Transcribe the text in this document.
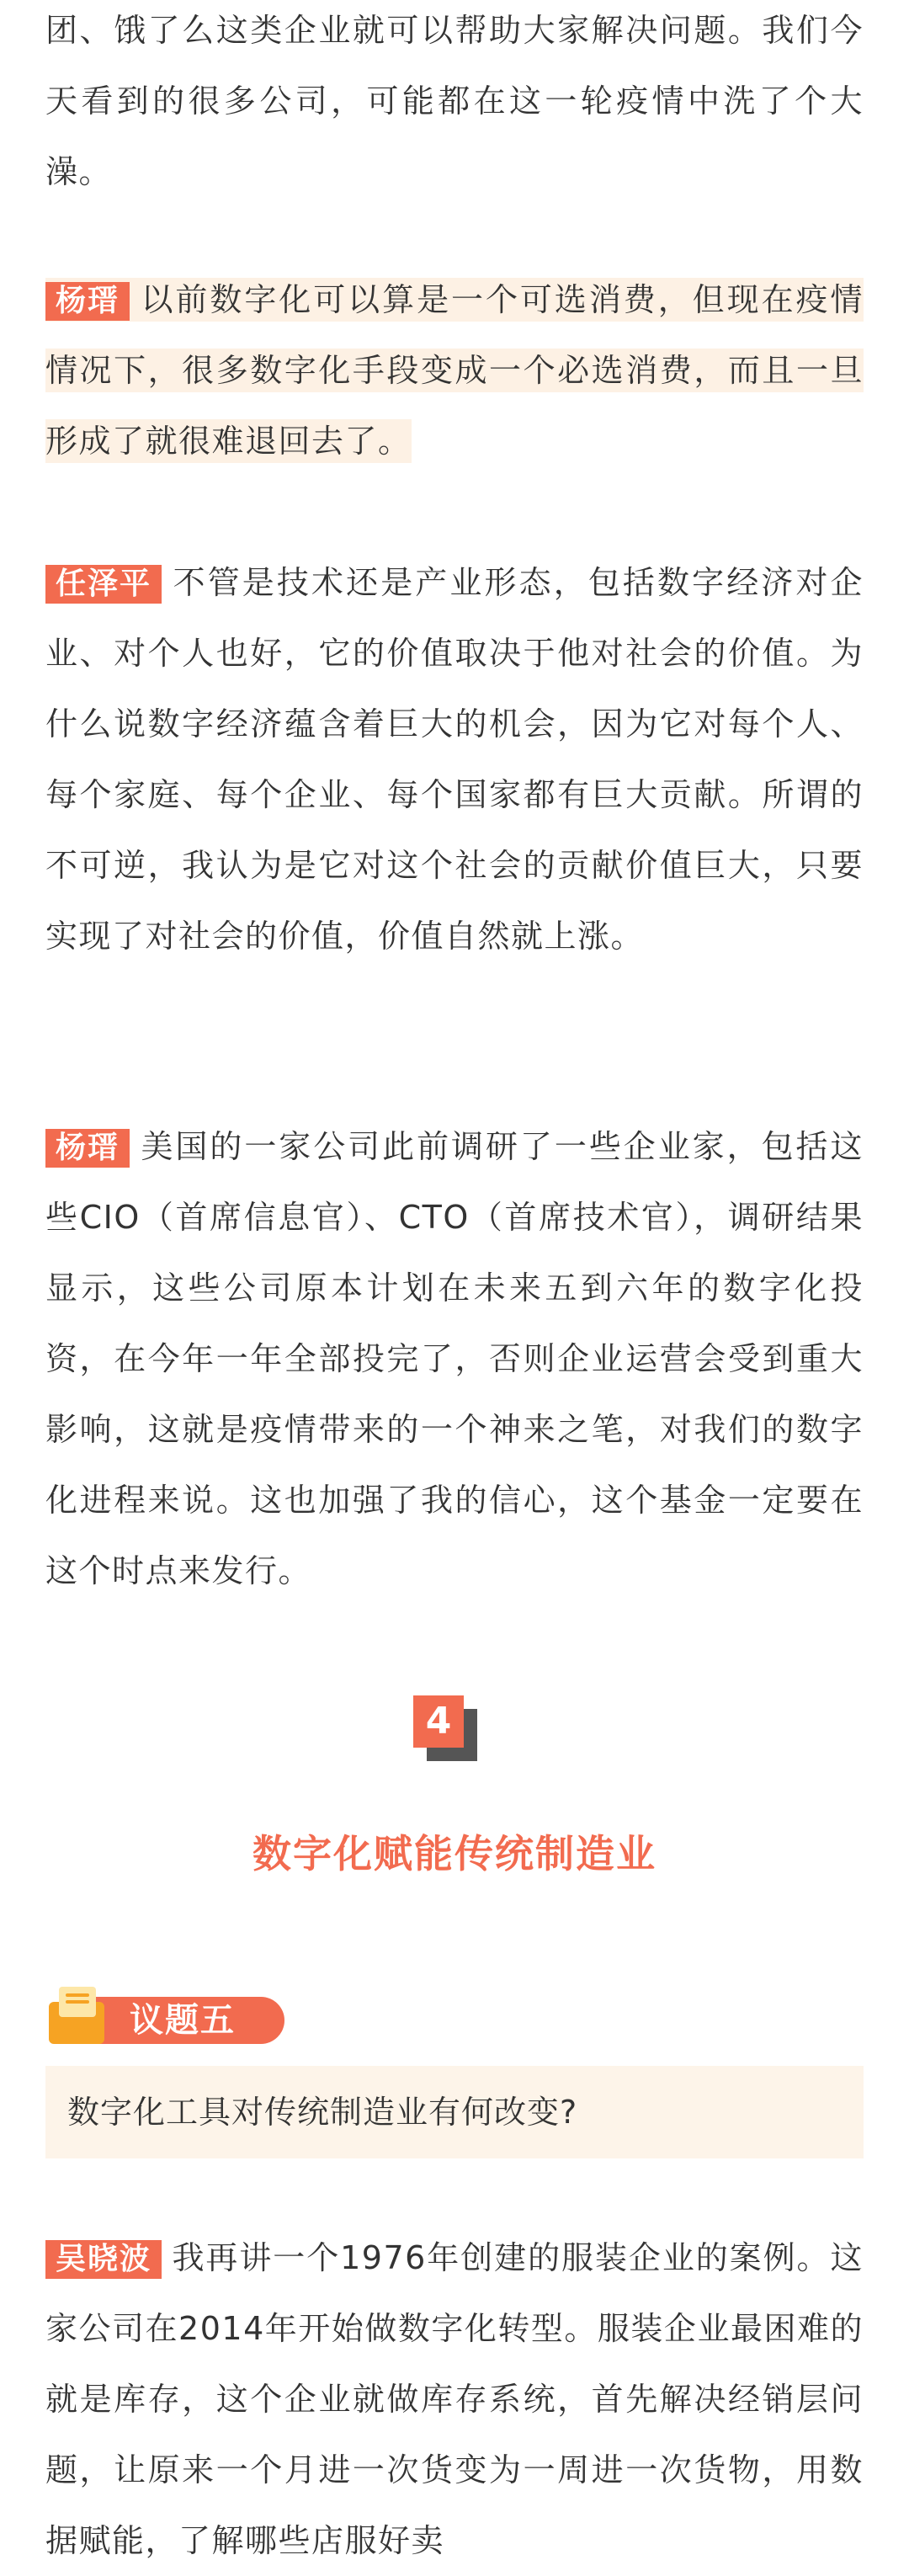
团、饿了么这类企业就可以帮助大家解决问题。我们今天看到的很多公司，可能都在这一轮疫情中洗了个大澡。

杨瑨 以前数字化可以算是一个可选消费，但现在疫情情况下，很多数字化手段变成一个必选消费，而且一旦形成了就很难退回去了。

任泽平 不管是技术还是产业形态，包括数字经济对企业、对个人也好，它的价值取决于他对社会的价值。为什么说数字经济蕴含着巨大的机会，因为它对每个人、每个家庭、每个企业、每个国家都有巨大贡献。所谓的不可逆，我认为是它对这个社会的贡献价值巨大，只要实现了对社会的价值，价值自然就上涨。

杨瑨 美国的一家公司此前调研了一些企业家，包括这些CIO（首席信息官）、CTO（首席技术官），调研结果显示，这些公司原本计划在未来五到六年的数字化投资，在今年一年全部投完了，否则企业运营会受到重大影响，这就是疫情带来的一个神来之笔，对我们的数字化进程来说。这也加强了我的信心，这个基金一定要在这个时点来发行。

4
数字化赋能传统制造业
议题五
数字化工具对传统制造业有何改变?

吴晓波 我再讲一个1976年创建的服装企业的案例。这家公司在2014年开始做数字化转型。服装企业最困难的就是库存，这个企业就做库存系统，首先解决经销层问题，让原来一个月进一次货变为一周进一次货物，用数据赋能，了解哪些店服好卖
